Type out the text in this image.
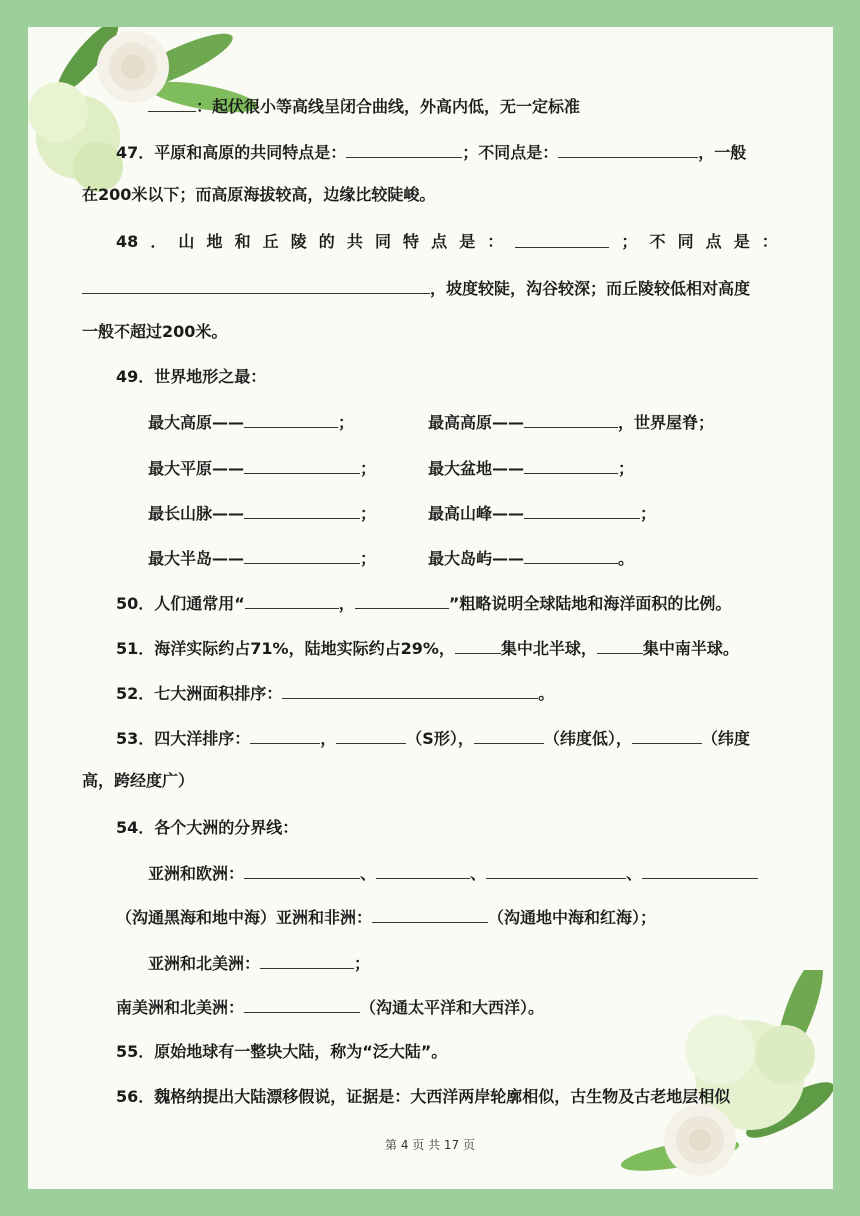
：起伏很小等高线呈闭合曲线，外高内低，无一定标准
47．平原和高原的共同特点是：	；不同点是：	，一般
在200米以下；而高原海拔较高，边缘比较陡峻。
48 ． 山 地 和 丘 陵 的 共 同 特 点 是 ：	； 不 同 点 是 ：
，坡度较陡，沟谷较深；而丘陵较低相对高度
一般不超过200米。
49．世界地形之最：
最大高原——	；	最高高原——	，世界屋脊；
最大平原——	；	最大盆地——	；
最长山脉——	；	最高山峰——	；
最大半岛——	；	最大岛屿——	。
50．人们通常用“	，	”粗略说明全球陆地和海洋面积的比例。
51．海洋实际约占71%，陆地实际约占29%，	集中北半球，	集中南半球。
52．七大洲面积排序：	。
53．四大洋排序：	，	（S形），	（纬度低），	（纬度
高，跨经度广）
54．各个大洲的分界线：
亚洲和欧洲：	、	、	、
（沟通黑海和地中海）亚洲和非洲：	（沟通地中海和红海）；
亚洲和北美洲：	；
南美洲和北美洲：	（沟通太平洋和大西洋）。
55．原始地球有一整块大陆，称为“泛大陆”。
56．魏格纳提出大陆漂移假说，证据是：大西洋两岸轮廓相似，古生物及古老地层相似
第 4 页 共 17 页
